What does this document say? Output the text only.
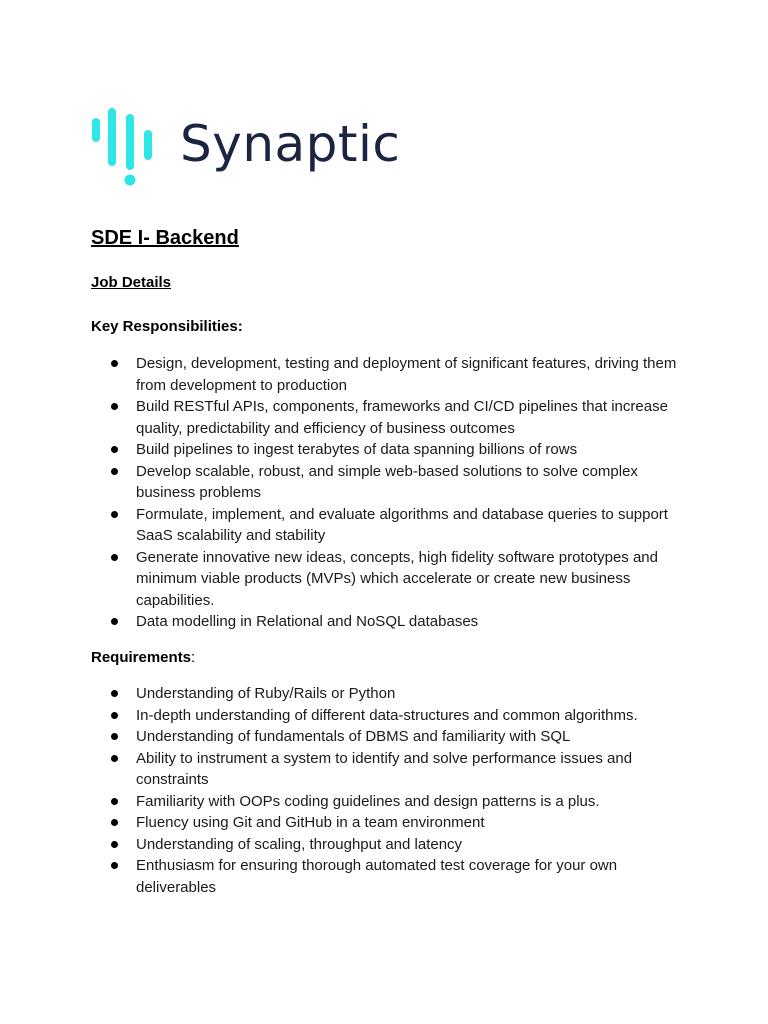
Synaptic
SDE I- Backend
Job Details

Key Responsibilities:

Design, development, testing and deployment of significant features, driving them from development to production
Build RESTful APIs, components, frameworks and CI/CD pipelines that increase quality, predictability and efficiency of business outcomes
Build pipelines to ingest terabytes of data spanning billions of rows
Develop scalable, robust, and simple web-based solutions to solve complex business problems
Formulate, implement, and evaluate algorithms and database queries to support SaaS scalability and stability
Generate innovative new ideas, concepts, high fidelity software prototypes and minimum viable products (MVPs) which accelerate or create new business capabilities.
Data modelling in Relational and NoSQL databases

Requirements:

Understanding of Ruby/Rails or Python
In-depth understanding of different data-structures and common algorithms.
Understanding of fundamentals of DBMS and familiarity with SQL
Ability to instrument a system to identify and solve performance issues and constraints
Familiarity with OOPs coding guidelines and design patterns is a plus.
Fluency using Git and GitHub in a team environment
Understanding of scaling, throughput and latency
Enthusiasm for ensuring thorough automated test coverage for your own deliverables
